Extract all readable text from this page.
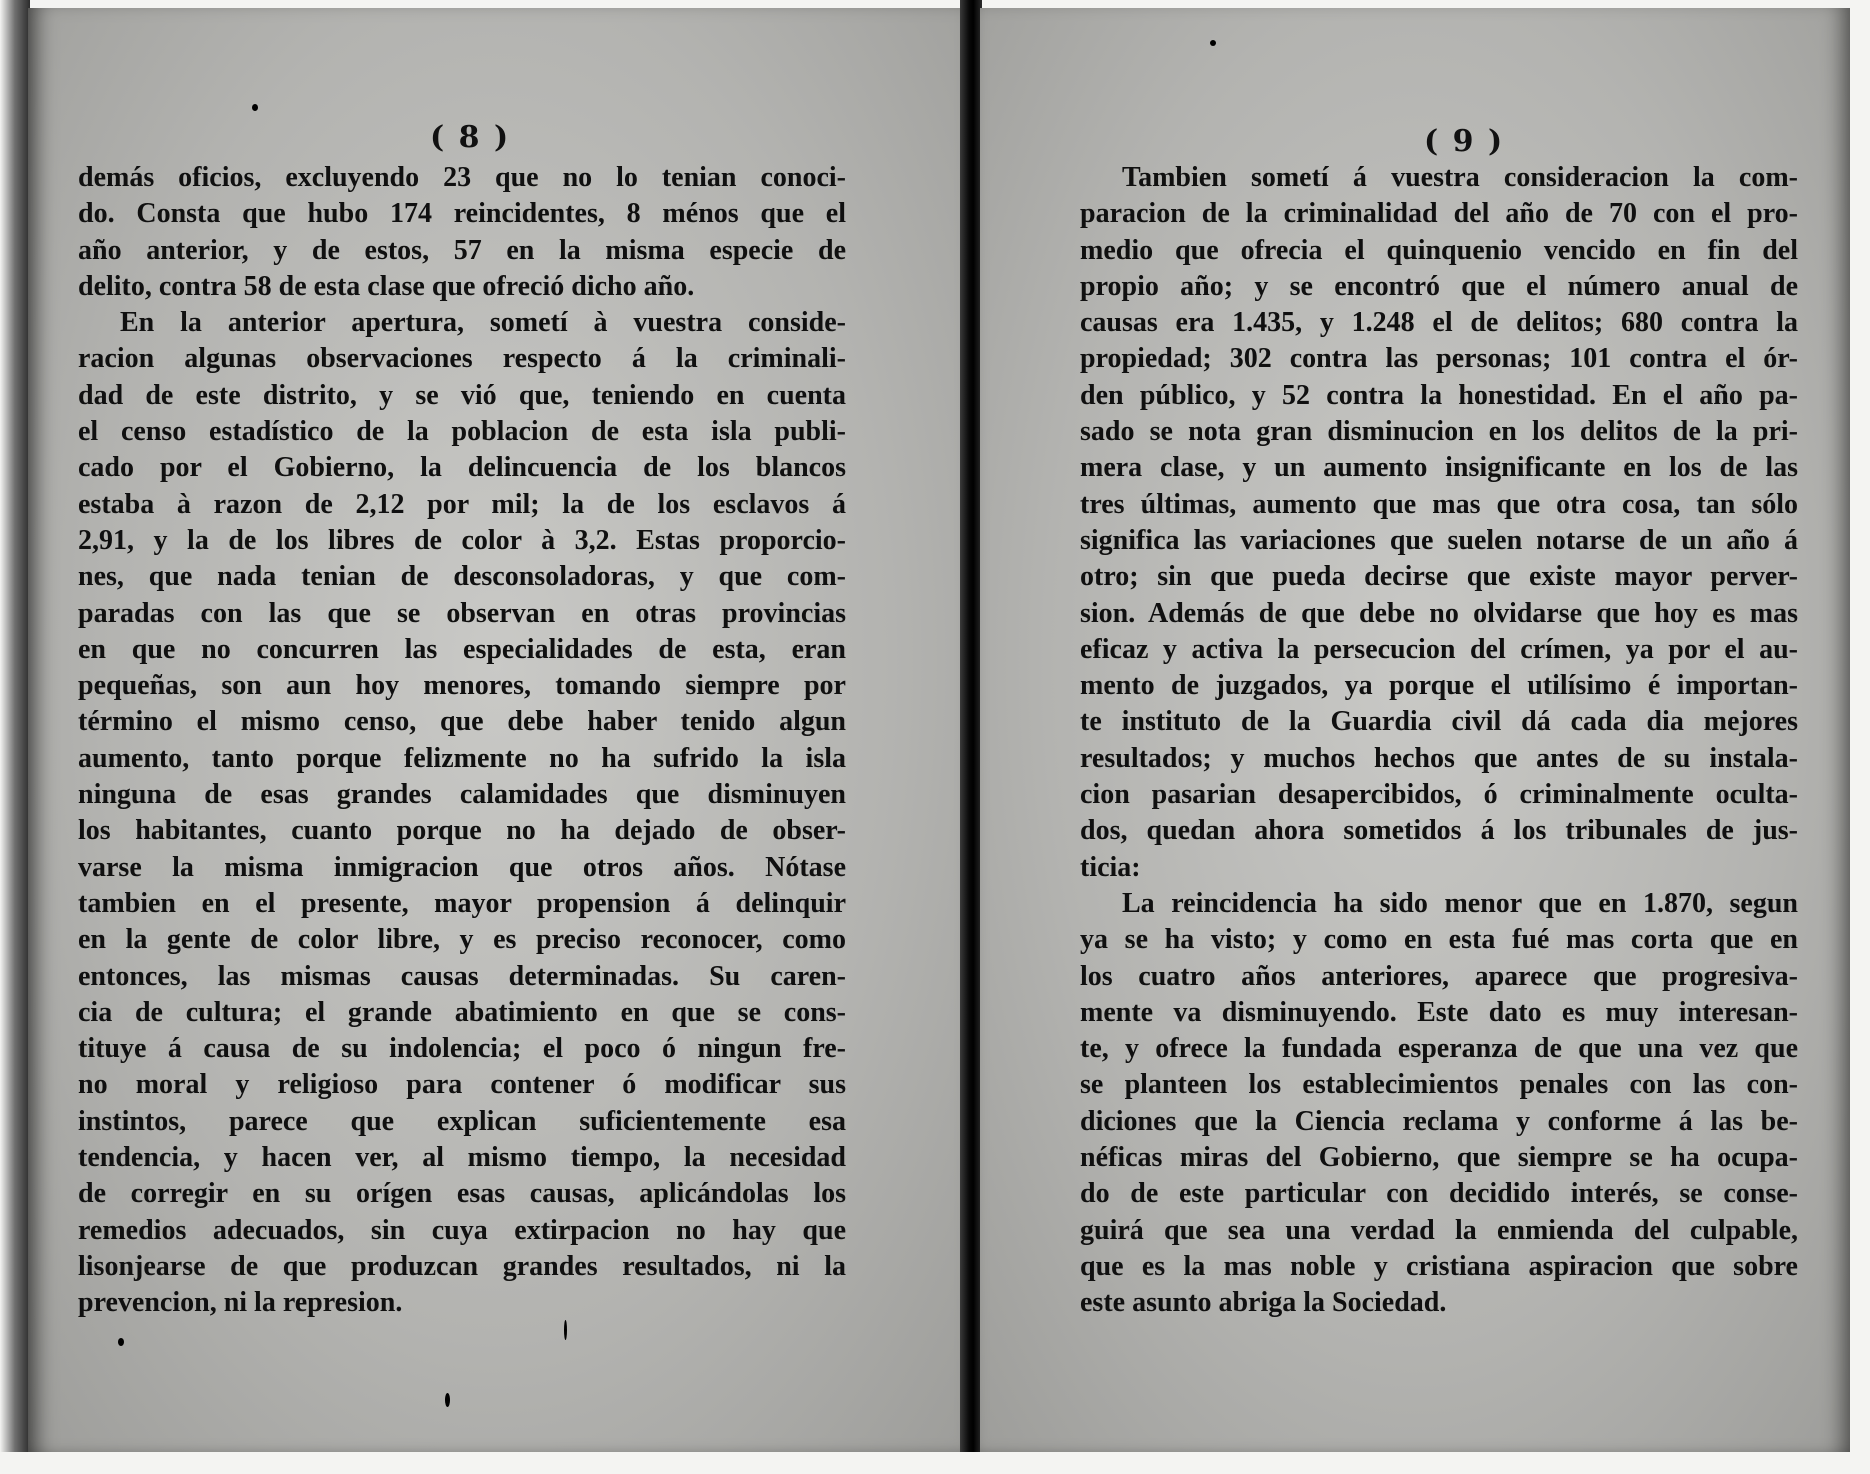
( 8 )
demás oficios, excluyendo 23 que no lo tenian conoci-
do. Consta que hubo 174 reincidentes, 8 ménos que el
año anterior, y de estos, 57 en la misma especie de
delito, contra 58 de esta clase que ofreció dicho año.
En la anterior apertura, sometí à vuestra conside-
racion algunas observaciones respecto á la criminali-
dad de este distrito, y se vió que, teniendo en cuenta
el censo estadístico de la poblacion de esta isla publi-
cado por el Gobierno, la delincuencia de los blancos
estaba à razon de 2,12 por mil; la de los esclavos á
2,91, y la de los libres de color à 3,2. Estas proporcio-
nes, que nada tenian de desconsoladoras, y que com-
paradas con las que se observan en otras provincias
en que no concurren las especialidades de esta, eran
pequeñas, son aun hoy menores, tomando siempre por
término el mismo censo, que debe haber tenido algun
aumento, tanto porque felizmente no ha sufrido la isla
ninguna de esas grandes calamidades que disminuyen
los habitantes, cuanto porque no ha dejado de obser-
varse la misma inmigracion que otros años. Nótase
tambien en el presente, mayor propension á delinquir
en la gente de color libre, y es preciso reconocer, como
entonces, las mismas causas determinadas. Su caren-
cia de cultura; el grande abatimiento en que se cons-
tituye á causa de su indolencia; el poco ó ningun fre-
no moral y religioso para contener ó modificar sus
instintos, parece que explican suficientemente esa
tendencia, y hacen ver, al mismo tiempo, la necesidad
de corregir en su orígen esas causas, aplicándolas los
remedios adecuados, sin cuya extirpacion no hay que
lisonjearse de que produzcan grandes resultados, ni la
prevencion, ni la represion.
( 9 )
Tambien sometí á vuestra consideracion la com-
paracion de la criminalidad del año de 70 con el pro-
medio que ofrecia el quinquenio vencido en fin del
propio año; y se encontró que el número anual de
causas era 1.435, y 1.248 el de delitos; 680 contra la
propiedad; 302 contra las personas; 101 contra el ór-
den público, y 52 contra la honestidad. En el año pa-
sado se nota gran disminucion en los delitos de la pri-
mera clase, y un aumento insignificante en los de las
tres últimas, aumento que mas que otra cosa, tan sólo
significa las variaciones que suelen notarse de un año á
otro; sin que pueda decirse que existe mayor perver-
sion. Además de que debe no olvidarse que hoy es mas
eficaz y activa la persecucion del crímen, ya por el au-
mento de juzgados, ya porque el utilísimo é importan-
te instituto de la Guardia civil dá cada dia mejores
resultados; y muchos hechos que antes de su instala-
cion pasarian desapercibidos, ó criminalmente oculta-
dos, quedan ahora sometidos á los tribunales de jus-
ticia:
La reincidencia ha sido menor que en 1.870, segun
ya se ha visto; y como en esta fué mas corta que en
los cuatro años anteriores, aparece que progresiva-
mente va disminuyendo. Este dato es muy interesan-
te, y ofrece la fundada esperanza de que una vez que
se planteen los establecimientos penales con las con-
diciones que la Ciencia reclama y conforme á las be-
néficas miras del Gobierno, que siempre se ha ocupa-
do de este particular con decidido interés, se conse-
guirá que sea una verdad la enmienda del culpable,
que es la mas noble y cristiana aspiracion que sobre
este asunto abriga la Sociedad.
